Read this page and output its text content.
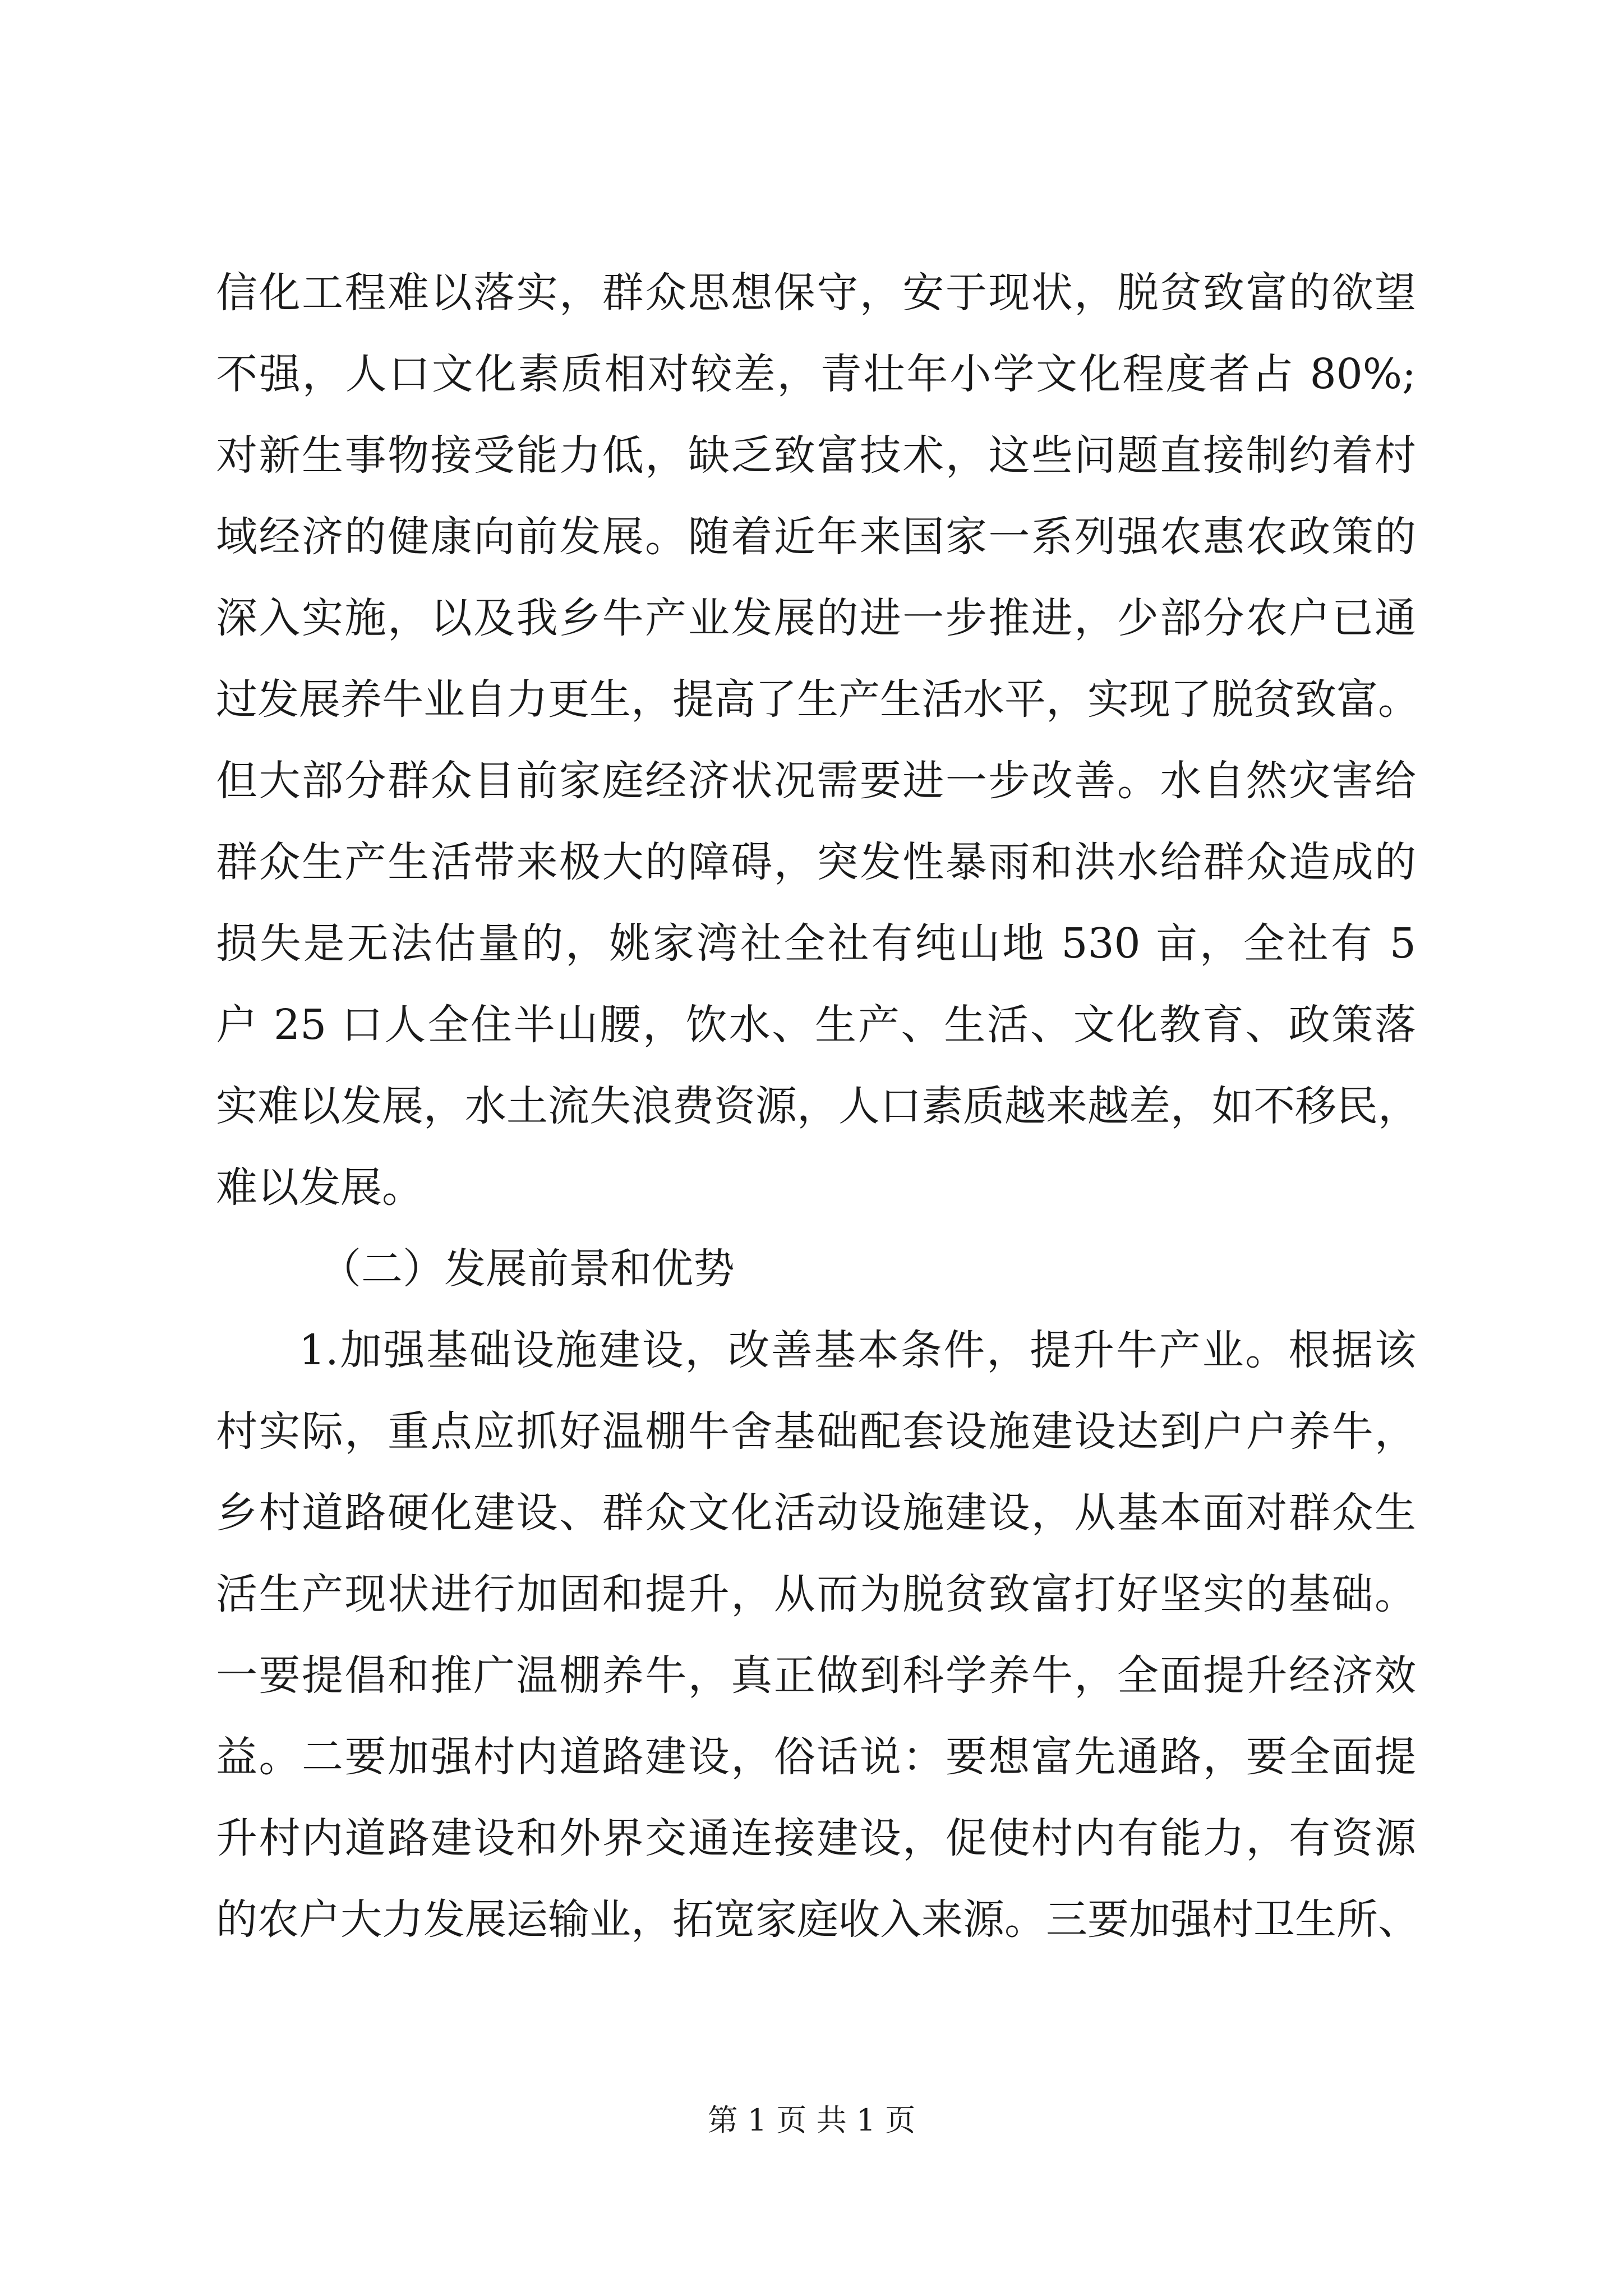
信化工程难以落实，群众思想保守，安于现状，脱贫致富的欲望
不强，人口文化素质相对较差，青壮年小学文化程度者占 80%;
对新生事物接受能力低，缺乏致富技术，这些问题直接制约着村
域经济的健康向前发展。随着近年来国家一系列强农惠农政策的
深入实施，以及我乡牛产业发展的进一步推进，少部分农户已通
过发展养牛业自力更生，提高了生产生活水平，实现了脱贫致富。
但大部分群众目前家庭经济状况需要进一步改善。水自然灾害给
群众生产生活带来极大的障碍，突发性暴雨和洪水给群众造成的
损失是无法估量的，姚家湾社全社有纯山地 530 亩，全社有 5
户 25 口人全住半山腰，饮水、生产、生活、文化教育、政策落
实难以发展，水土流失浪费资源，人口素质越来越差，如不移民，
难以发展。
（二）发展前景和优势
1.加强基础设施建设，改善基本条件，提升牛产业。根据该
村实际，重点应抓好温棚牛舍基础配套设施建设达到户户养牛，
乡村道路硬化建设、群众文化活动设施建设，从基本面对群众生
活生产现状进行加固和提升，从而为脱贫致富打好坚实的基础。
一要提倡和推广温棚养牛，真正做到科学养牛，全面提升经济效
益。二要加强村内道路建设，俗话说：要想富先通路，要全面提
升村内道路建设和外界交通连接建设，促使村内有能力，有资源
的农户大力发展运输业，拓宽家庭收入来源。三要加强村卫生所、
第 1 页 共 1 页
